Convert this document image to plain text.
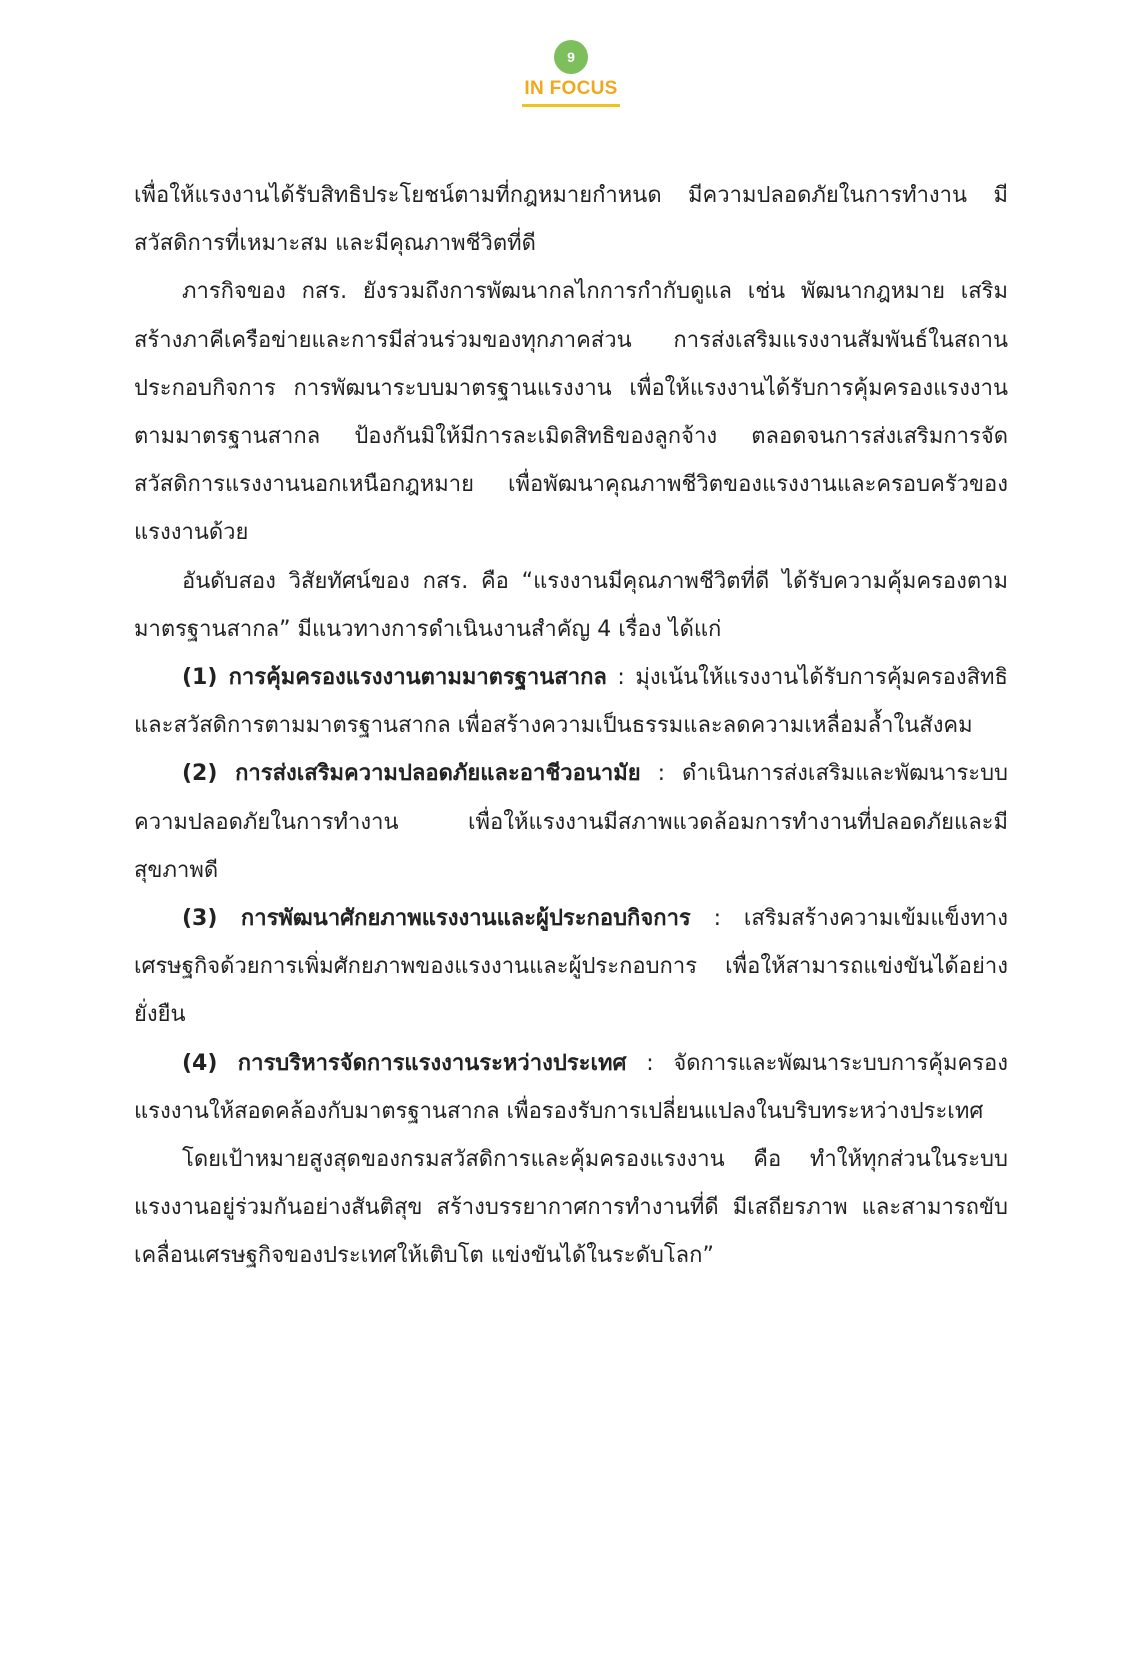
9
IN FOCUS

เพื่อให้แรงงานได้รับสิทธิประโยชน์ตามที่กฎหมายกำหนด มีความปลอดภัยในการทำงาน มีสวัสดิการที่เหมาะสม และมีคุณภาพชีวิตที่ดี

ภารกิจของ กสร. ยังรวมถึงการพัฒนากลไกการกำกับดูแล เช่น พัฒนากฎหมาย เสริมสร้างภาคีเครือข่ายและการมีส่วนร่วมของทุกภาคส่วน การส่งเสริมแรงงานสัมพันธ์ในสถานประกอบกิจการ การพัฒนาระบบมาตรฐานแรงงาน เพื่อให้แรงงานได้รับการคุ้มครองแรงงานตามมาตรฐานสากล ป้องกันมิให้มีการละเมิดสิทธิของลูกจ้าง ตลอดจนการส่งเสริมการจัดสวัสดิการแรงงานนอกเหนือกฎหมาย เพื่อพัฒนาคุณภาพชีวิตของแรงงานและครอบครัวของแรงงานด้วย

อันดับสอง วิสัยทัศน์ของ กสร. คือ “แรงงานมีคุณภาพชีวิตที่ดี ได้รับความคุ้มครองตามมาตรฐานสากล” มีแนวทางการดำเนินงานสำคัญ 4 เรื่อง ได้แก่

(1) การคุ้มครองแรงงานตามมาตรฐานสากล : มุ่งเน้นให้แรงงานได้รับการคุ้มครองสิทธิและสวัสดิการตามมาตรฐานสากล เพื่อสร้างความเป็นธรรมและลดความเหลื่อมล้ำในสังคม

(2) การส่งเสริมความปลอดภัยและอาชีวอนามัย : ดำเนินการส่งเสริมและพัฒนาระบบความปลอดภัยในการทำงาน เพื่อให้แรงงานมีสภาพแวดล้อมการทำงานที่ปลอดภัยและมีสุขภาพดี

(3) การพัฒนาศักยภาพแรงงานและผู้ประกอบกิจการ : เสริมสร้างความเข้มแข็งทางเศรษฐกิจด้วยการเพิ่มศักยภาพของแรงงานและผู้ประกอบการ เพื่อให้สามารถแข่งขันได้อย่างยั่งยืน

(4) การบริหารจัดการแรงงานระหว่างประเทศ : จัดการและพัฒนาระบบการคุ้มครองแรงงานให้สอดคล้องกับมาตรฐานสากล เพื่อรองรับการเปลี่ยนแปลงในบริบทระหว่างประเทศ

โดยเป้าหมายสูงสุดของกรมสวัสดิการและคุ้มครองแรงงาน คือ ทำให้ทุกส่วนในระบบแรงงานอยู่ร่วมกันอย่างสันติสุข สร้างบรรยากาศการทำงานที่ดี มีเสถียรภาพ และสามารถขับเคลื่อนเศรษฐกิจของประเทศให้เติบโต แข่งขันได้ในระดับโลก”
